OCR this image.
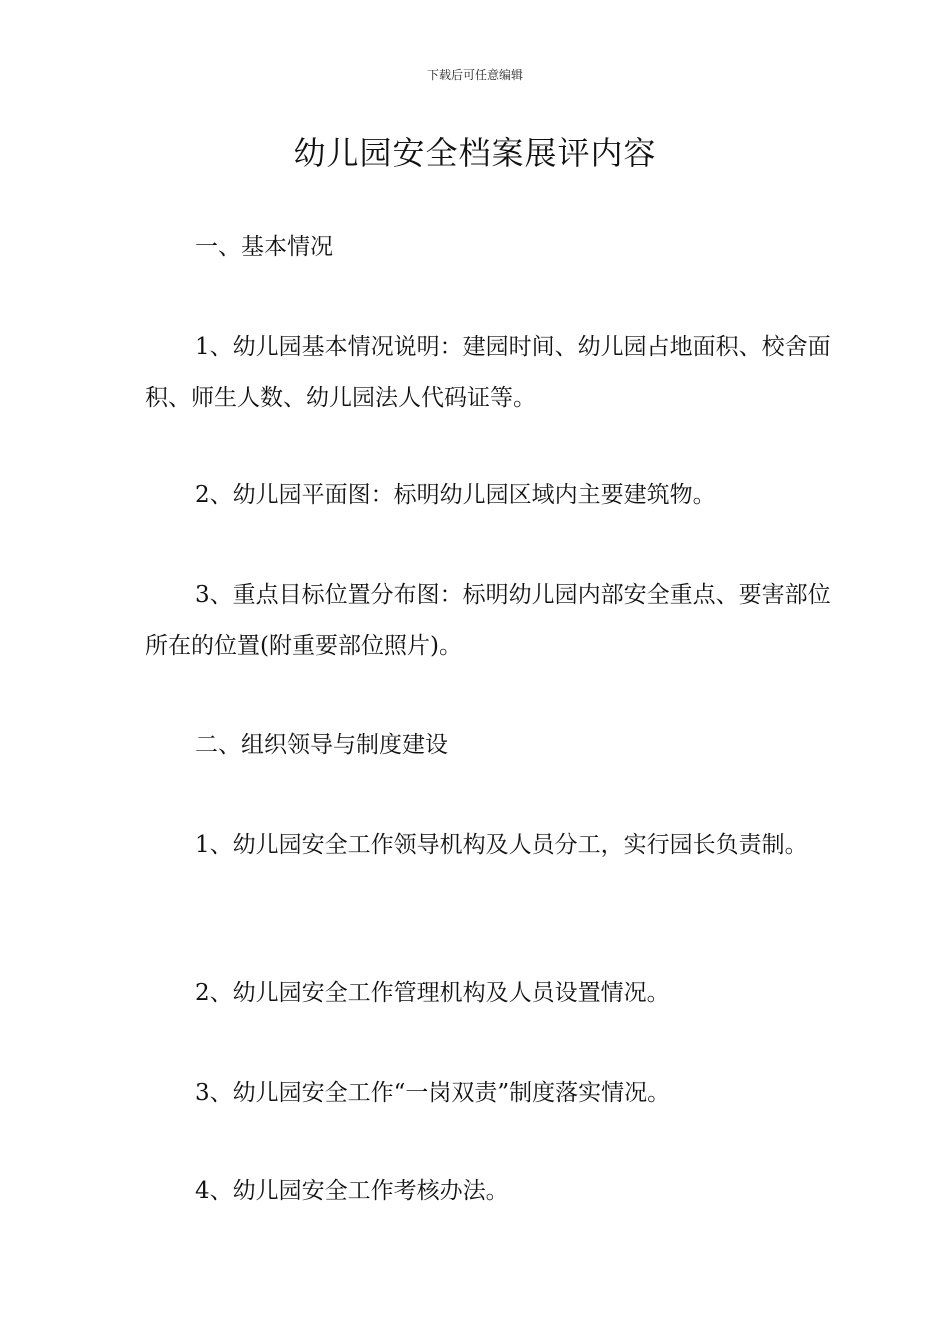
下载后可任意编辑
幼儿园安全档案展评内容

一、基本情况

1、幼儿园基本情况说明：建园时间、幼儿园占地面积、校舍面积、师生人数、幼儿园法人代码证等。

2、幼儿园平面图：标明幼儿园区域内主要建筑物。

3、重点目标位置分布图：标明幼儿园内部安全重点、要害部位所在的位置(附重要部位照片)。

二、组织领导与制度建设

1、幼儿园安全工作领导机构及人员分工，实行园长负责制。

2、幼儿园安全工作管理机构及人员设置情况。

3、幼儿园安全工作“一岗双责”制度落实情况。

4、幼儿园安全工作考核办法。
